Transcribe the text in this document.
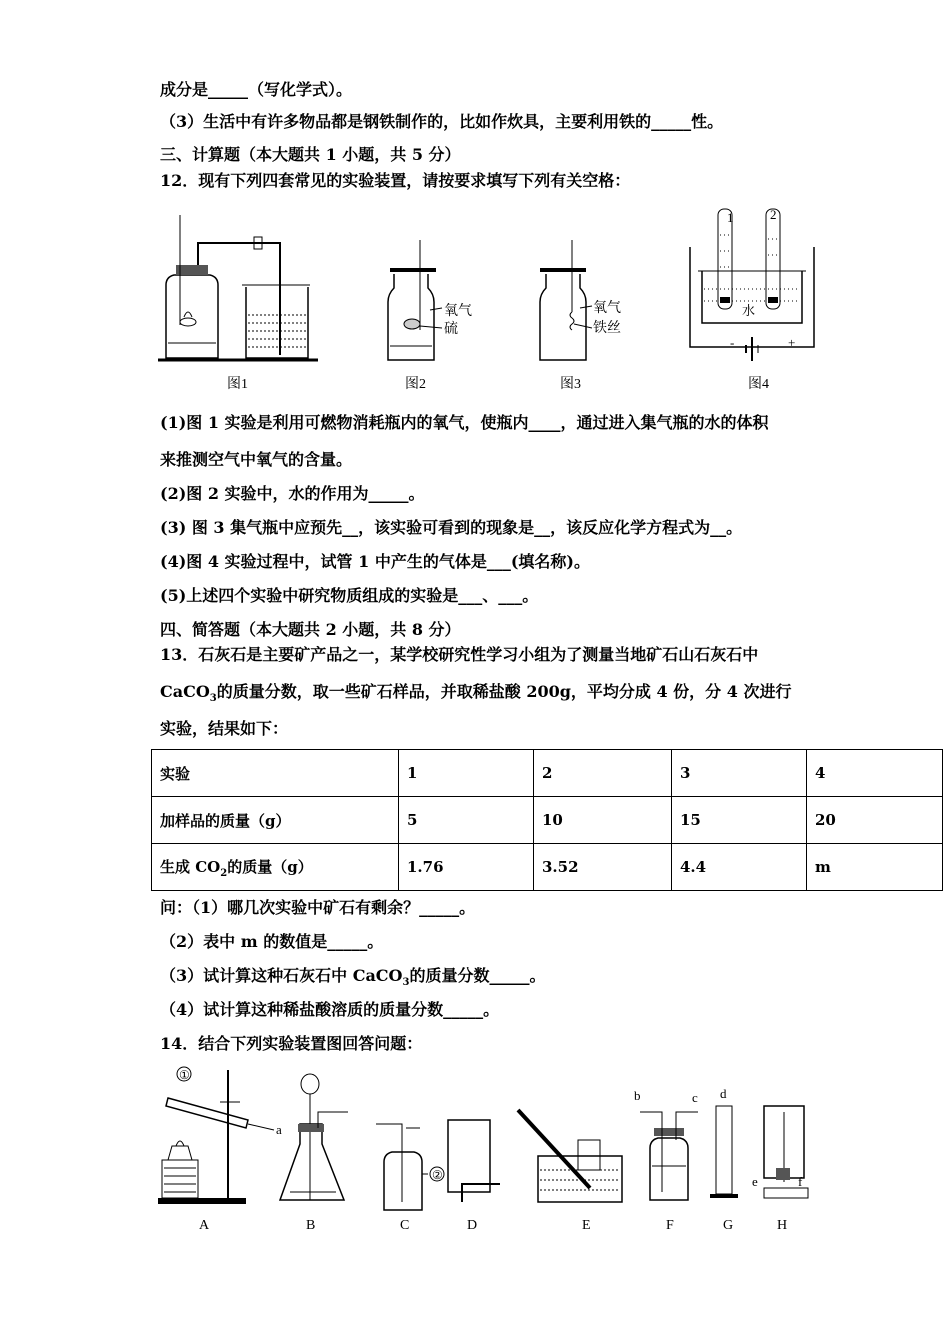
成分是_____（写化学式）。
（3）生活中有许多物品都是钢铁制作的，比如作炊具，主要利用铁的_____性。
三、计算题（本大题共 1 小题，共 5 分）
12．现有下列四套常见的实验装置，请按要求填写下列有关空格：
图1
氧气
硫
图2
氧气
铁丝
图3
1	2
水
-	+
图4
(1)图 1 实验是利用可燃物消耗瓶内的氧气，使瓶内____，通过进入集气瓶的水的体积
来推测空气中氧气的含量。
(2)图 2 实验中，水的作用为_____。
(3) 图 3 集气瓶中应预先__，该实验可看到的现象是__，该反应化学方程式为__。
(4)图 4 实验过程中，试管 1 中产生的气体是___(填名称)。
(5)上述四个实验中研究物质组成的实验是___、___。
四、简答题（本大题共 2 小题，共 8 分）
13．石灰石是主要矿产品之一，某学校研究性学习小组为了测量当地矿石山石灰石中
CaCO$_3$的质量分数，取一些矿石样品，并取稀盐酸 200g，平均分成 4 份，分 4 次进行
实验，结果如下：
实验	1	2	3	4
加样品的质量（g）	5	10	15	20
生成 $CO_2$的质量（g）	1.76	3.52	4.4	m
问：（1）哪几次实验中矿石有剩余？_____。
（2）表中 m 的数值是_____。
（3）试计算这种石灰石中 CaCO$_3$的质量分数_____。
（4）试计算这种稀盐酸溶质的质量分数_____。
14．结合下列实验装置图回答问题：
①
a
②
b	c d
e	f
A	B	C	D	E	F	G	H
